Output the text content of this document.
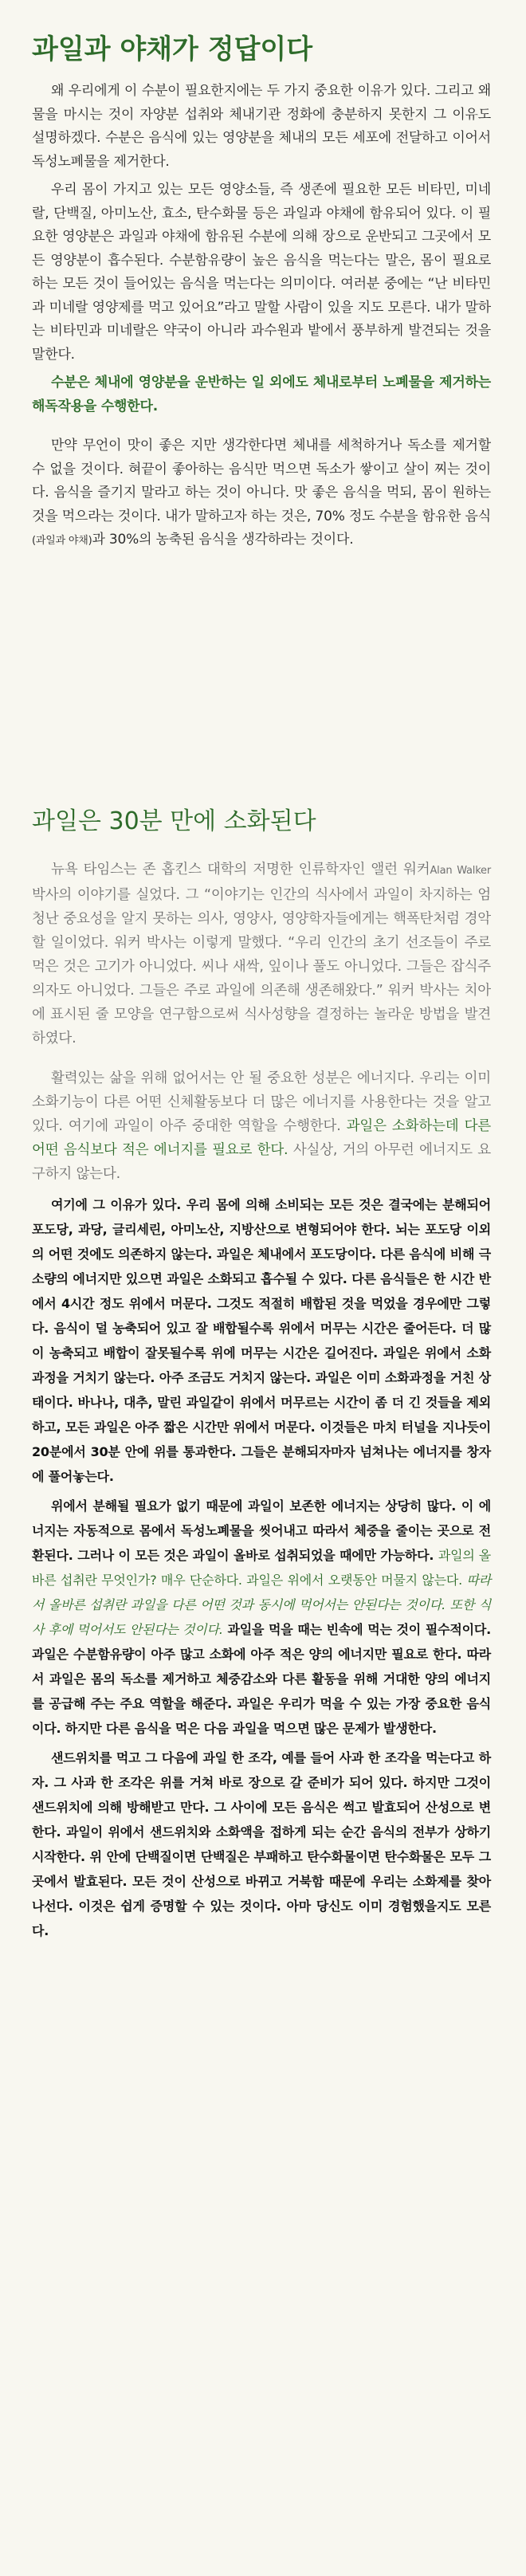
과일과 야채가 정답이다

왜 우리에게 이 수분이 필요한지에는 두 가지 중요한 이유가 있다. 그리고 왜 물을 마시는 것이 자양분 섭취와 체내기관 정화에 충분하지 못한지 그 이유도 설명하겠다. 수분은 음식에 있는 영양분을 체내의 모든 세포에 전달하고 이어서 독성노폐물을 제거한다.

우리 몸이 가지고 있는 모든 영양소들, 즉 생존에 필요한 모든 비타민, 미네랄, 단백질, 아미노산, 효소, 탄수화물 등은 과일과 야채에 함유되어 있다. 이 필요한 영양분은 과일과 야채에 함유된 수분에 의해 장으로 운반되고 그곳에서 모든 영양분이 흡수된다. 수분함유량이 높은 음식을 먹는다는 말은, 몸이 필요로 하는 모든 것이 들어있는 음식을 먹는다는 의미이다. 여러분 중에는 “난 비타민과 미네랄 영양제를 먹고 있어요”라고 말할 사람이 있을 지도 모른다. 내가 말하는 비타민과 미네랄은 약국이 아니라 과수원과 밭에서 풍부하게 발견되는 것을 말한다.

수분은 체내에 영양분을 운반하는 일 외에도 체내로부터 노폐물을 제거하는 해독작용을 수행한다.

만약 무언이 맛이 좋은 지만 생각한다면 체내를 세척하거나 독소를 제거할 수 없을 것이다. 혀끝이 좋아하는 음식만 먹으면 독소가 쌓이고 살이 찌는 것이다. 음식을 즐기지 말라고 하는 것이 아니다. 맛 좋은 음식을 먹되, 몸이 원하는 것을 먹으라는 것이다. 내가 말하고자 하는 것은, 70% 정도 수분을 함유한 음식(과일과 야채)과 30%의 농축된 음식을 생각하라는 것이다.

과일은 30분 만에 소화된다

뉴욕 타임스는 존 홉킨스 대학의 저명한 인류학자인 앨런 워커Alan Walker 박사의 이야기를 실었다. 그 “이야기는 인간의 식사에서 과일이 차지하는 엄청난 중요성을 알지 못하는 의사, 영양사, 영양학자들에게는 핵폭탄처럼 경악할 일이었다. 워커 박사는 이렇게 말했다. “우리 인간의 초기 선조들이 주로 먹은 것은 고기가 아니었다. 씨나 새싹, 잎이나 풀도 아니었다. 그들은 잡식주의자도 아니었다. 그들은 주로 과일에 의존해 생존해왔다.” 워커 박사는 치아에 표시된 줄 모양을 연구함으로써 식사성향을 결정하는 놀라운 방법을 발견하였다.

활력있는 삶을 위해 없어서는 안 될 중요한 성분은 에너지다. 우리는 이미 소화기능이 다른 어떤 신체활동보다 더 많은 에너지를 사용한다는 것을 알고 있다. 여기에 과일이 아주 중대한 역할을 수행한다. 과일은 소화하는데 다른 어떤 음식보다 적은 에너지를 필요로 한다. 사실상, 거의 아무런 에너지도 요구하지 않는다.

여기에 그 이유가 있다. 우리 몸에 의해 소비되는 모든 것은 결국에는 분해되어 포도당, 과당, 글리세린, 아미노산, 지방산으로 변형되어야 한다. 뇌는 포도당 이외의 어떤 것에도 의존하지 않는다. 과일은 체내에서 포도당이다. 다른 음식에 비해 극소량의 에너지만 있으면 과일은 소화되고 흡수될 수 있다. 다른 음식들은 한 시간 반에서 4시간 정도 위에서 머문다. 그것도 적절히 배합된 것을 먹었을 경우에만 그렇다. 음식이 덜 농축되어 있고 잘 배합될수록 위에서 머무는 시간은 줄어든다. 더 많이 농축되고 배합이 잘못될수록 위에 머무는 시간은 길어진다. 과일은 위에서 소화과정을 거치기 않는다. 아주 조금도 거치지 않는다. 과일은 이미 소화과정을 거친 상태이다. 바나나, 대추, 말린 과일같이 위에서 머무르는 시간이 좀 더 긴 것들을 제외하고, 모든 과일은 아주 짧은 시간만 위에서 머문다. 이것들은 마치 터널을 지나듯이 20분에서 30분 안에 위를 통과한다. 그들은 분해되자마자 넘쳐나는 에너지를 창자에 풀어놓는다.

위에서 분해될 필요가 없기 때문에 과일이 보존한 에너지는 상당히 많다. 이 에너지는 자동적으로 몸에서 독성노폐물을 씻어내고 따라서 체중을 줄이는 곳으로 전환된다. 그러나 이 모든 것은 과일이 올바로 섭취되었을 때에만 가능하다. 과일의 올바른 섭취란 무엇인가? 매우 단순하다. 과일은 위에서 오랫동안 머물지 않는다. 따라서 올바른 섭취란 과일을 다른 어떤 것과 동시에 먹어서는 안된다는 것이다. 또한 식사 후에 먹어서도 안된다는 것이다. 과일을 먹을 때는 빈속에 먹는 것이 필수적이다. 과일은 수분함유량이 아주 많고 소화에 아주 적은 양의 에너지만 필요로 한다. 따라서 과일은 몸의 독소를 제거하고 체중감소와 다른 활동을 위해 거대한 양의 에너지를 공급해 주는 주요 역할을 해준다. 과일은 우리가 먹을 수 있는 가장 중요한 음식이다. 하지만 다른 음식을 먹은 다음 과일을 먹으면 많은 문제가 발생한다.

샌드위치를 먹고 그 다음에 과일 한 조각, 예를 들어 사과 한 조각을 먹는다고 하자. 그 사과 한 조각은 위를 거쳐 바로 장으로 갈 준비가 되어 있다. 하지만 그것이 샌드위치에 의해 방해받고 만다. 그 사이에 모든 음식은 썩고 발효되어 산성으로 변한다. 과일이 위에서 샌드위치와 소화액을 접하게 되는 순간 음식의 전부가 상하기 시작한다. 위 안에 단백질이면 단백질은 부패하고 탄수화물이면 탄수화물은 모두 그곳에서 발효된다. 모든 것이 산성으로 바뀌고 거북함 때문에 우리는 소화제를 찾아 나선다. 이것은 쉽게 증명할 수 있는 것이다. 아마 당신도 이미 경험했을지도 모른다.
